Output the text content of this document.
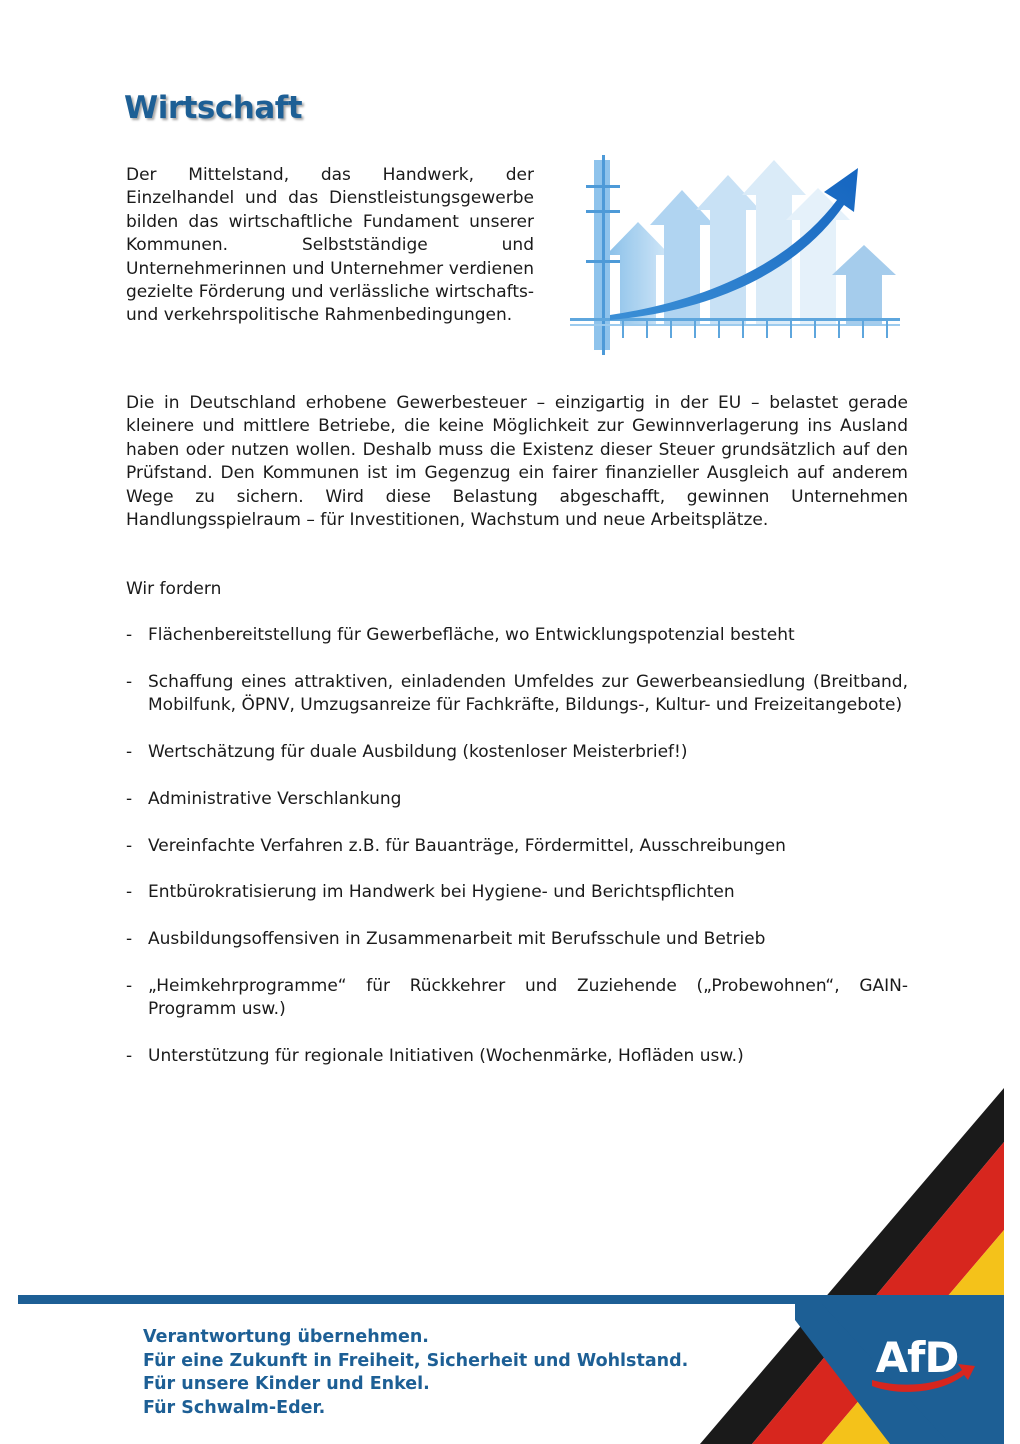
Wirtschaft

Der Mittelstand, das Handwerk, der Einzelhandel und das Dienstleistungsgewerbe bilden das wirtschaftliche Fundament unserer Kommunen. Selbstständige und Unternehmerinnen und Unternehmer verdienen gezielte Förderung und verlässliche wirtschafts- und verkehrspolitische Rahmenbedingungen.

Die in Deutschland erhobene Gewerbesteuer – einzigartig in der EU – belastet gerade kleinere und mittlere Betriebe, die keine Möglichkeit zur Gewinnverlagerung ins Ausland haben oder nutzen wollen. Deshalb muss die Existenz dieser Steuer grundsätzlich auf den Prüfstand. Den Kommunen ist im Gegenzug ein fairer finanzieller Ausgleich auf anderem Wege zu sichern. Wird diese Belastung abgeschafft, gewinnen Unternehmen Handlungsspielraum – für Investitionen, Wachstum und neue Arbeitsplätze.

Wir fordern

- Flächenbereitstellung für Gewerbefläche, wo Entwicklungspotenzial besteht
- Schaffung eines attraktiven, einladenden Umfeldes zur Gewerbeansiedlung (Breitband, Mobilfunk, ÖPNV, Umzugsanreize für Fachkräfte, Bildungs-, Kultur- und Freizeitangebote)
- Wertschätzung für duale Ausbildung (kostenloser Meisterbrief!)
- Administrative Verschlankung
- Vereinfachte Verfahren z.B. für Bauanträge, Fördermittel, Ausschreibungen
- Entbürokratisierung im Handwerk bei Hygiene- und Berichtspflichten
- Ausbildungsoffensiven in Zusammenarbeit mit Berufsschule und Betrieb
- „Heimkehrprogramme“ für Rückkehrer und Zuziehende („Probewohnen“, GAIN-Programm usw.)
- Unterstützung für regionale Initiativen (Wochenmärke, Hofläden usw.)
AfD
Verantwortung übernehmen.
Für eine Zukunft in Freiheit, Sicherheit und Wohlstand.
Für unsere Kinder und Enkel.
Für Schwalm-Eder.
